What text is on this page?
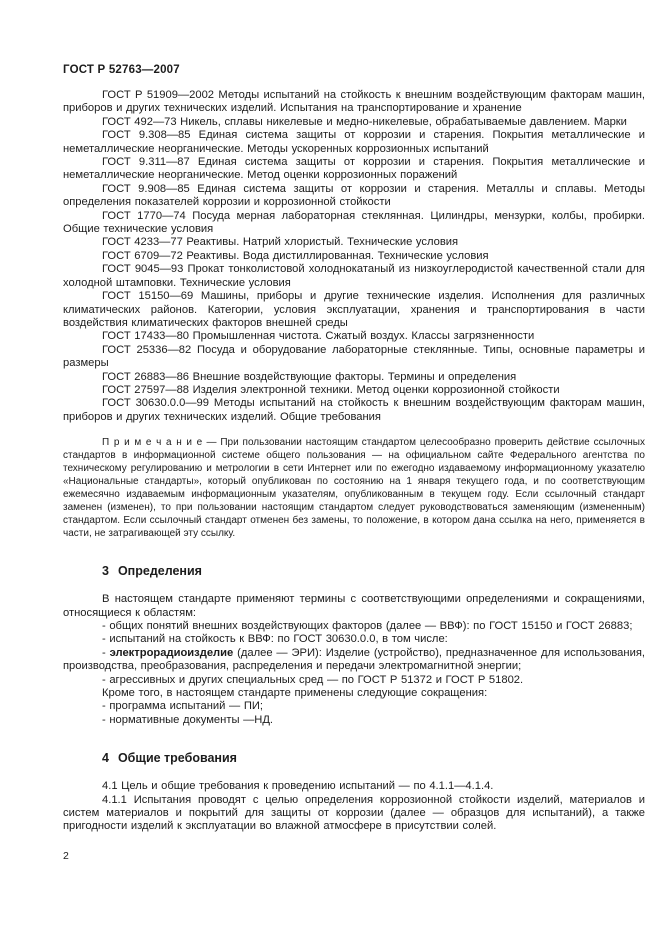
ГОСТ Р 52763—2007

ГОСТ Р 51909—2002 Методы испытаний на стойкость к внешним воздействующим факторам машин, приборов и других технических изделий. Испытания на транспортирование и хранение

ГОСТ 492—73 Никель, сплавы никелевые и медно-никелевые, обрабатываемые давлением. Марки

ГОСТ 9.308—85 Единая система защиты от коррозии и старения. Покрытия металлические и неметаллические неорганические. Методы ускоренных коррозионных испытаний

ГОСТ 9.311—87 Единая система защиты от коррозии и старения. Покрытия металлические и неметаллические неорганические. Метод оценки коррозионных поражений

ГОСТ 9.908—85 Единая система защиты от коррозии и старения. Металлы и сплавы. Методы определения показателей коррозии и коррозионной стойкости

ГОСТ 1770—74 Посуда мерная лабораторная стеклянная. Цилиндры, мензурки, колбы, пробирки. Общие технические условия

ГОСТ 4233—77 Реактивы. Натрий хлористый. Технические условия

ГОСТ 6709—72 Реактивы. Вода дистиллированная. Технические условия

ГОСТ 9045—93 Прокат тонколистовой холоднокатаный из низкоуглеродистой качественной стали для холодной штамповки. Технические условия

ГОСТ 15150—69 Машины, приборы и другие технические изделия. Исполнения для различных климатических районов. Категории, условия эксплуатации, хранения и транспортирования в части воздействия климатических факторов внешней среды

ГОСТ 17433—80 Промышленная чистота. Сжатый воздух. Классы загрязненности

ГОСТ 25336—82 Посуда и оборудование лабораторные стеклянные. Типы, основные параметры и размеры

ГОСТ 26883—86 Внешние воздействующие факторы. Термины и определения

ГОСТ 27597—88 Изделия электронной техники. Метод оценки коррозионной стойкости

ГОСТ 30630.0.0—99 Методы испытаний на стойкость к внешним воздействующим факторам машин, приборов и других технических изделий. Общие требования

П р и м е ч а н и е — При пользовании настоящим стандартом целесообразно проверить действие ссылочных стандартов в информационной системе общего пользования — на официальном сайте Федерального агентства по техническому регулированию и метрологии в сети Интернет или по ежегодно издаваемому информационному указателю «Национальные стандарты», который опубликован по состоянию на 1 января текущего года, и по соответствующим ежемесячно издаваемым информационным указателям, опубликованным в текущем году. Если ссылочный стандарт заменен (изменен), то при пользовании настоящим стандартом следует руководствоваться заменяющим (измененным) стандартом. Если ссылочный стандарт отменен без замены, то положение, в котором дана ссылка на него, применяется в части, не затрагивающей эту ссылку.

3 Определения

В настоящем стандарте применяют термины с соответствующими определениями и сокращениями, относящиеся к областям:

- общих понятий внешних воздействующих факторов (далее — ВВФ): по ГОСТ 15150 и ГОСТ 26883;

- испытаний на стойкость к ВВФ: по ГОСТ 30630.0.0, в том числе:

- электрорадиоизделие (далее — ЭРИ): Изделие (устройство), предназначенное для использования, производства, преобразования, распределения и передачи электромагнитной энергии;

- агрессивных и других специальных сред — по ГОСТ Р 51372 и ГОСТ Р 51802.

Кроме того, в настоящем стандарте применены следующие сокращения:

- программа испытаний — ПИ;

- нормативные документы —НД.

4 Общие требования

4.1 Цель и общие требования к проведению испытаний — по 4.1.1—4.1.4.

4.1.1 Испытания проводят с целью определения коррозионной стойкости изделий, материалов и систем материалов и покрытий для защиты от коррозии (далее — образцов для испытаний), а также пригодности изделий к эксплуатации во влажной атмосфере в присутствии солей.

2
